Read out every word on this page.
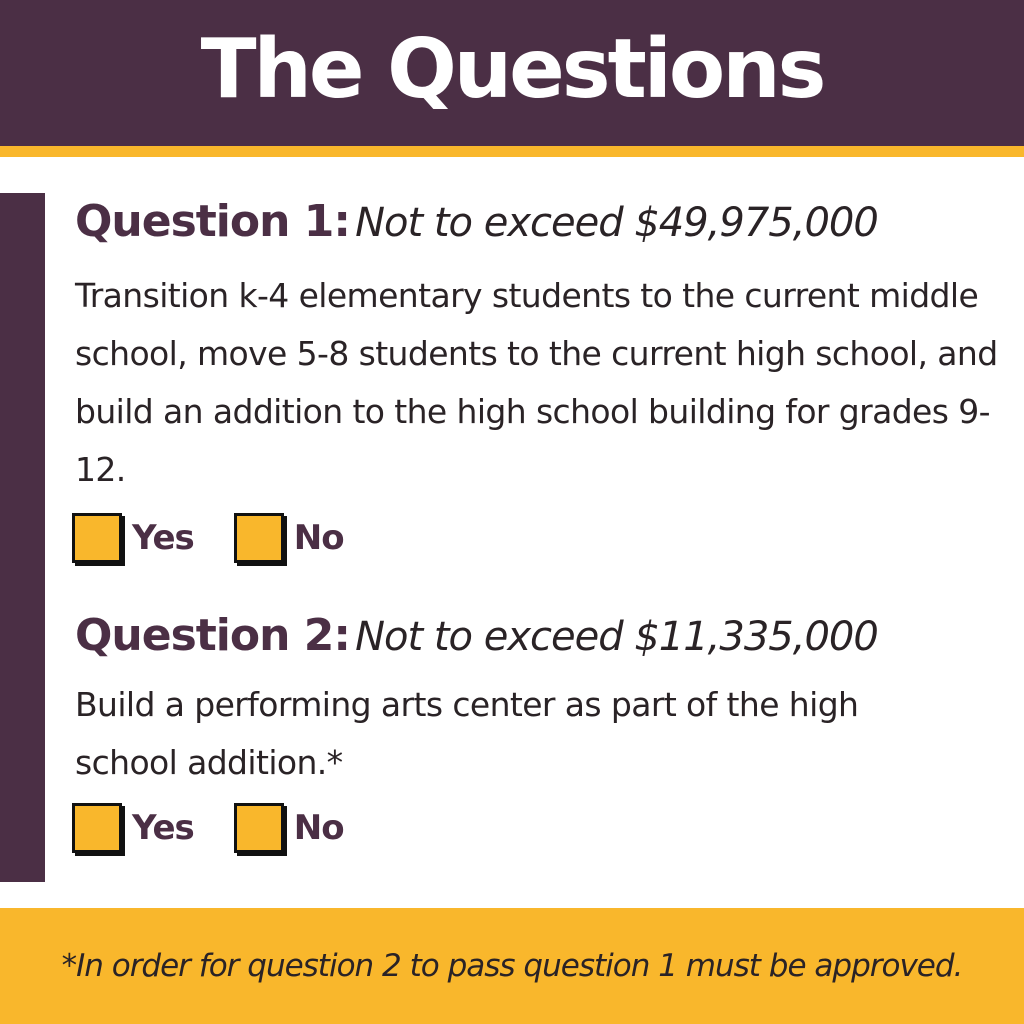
The Questions

Question 1: Not to exceed $49,975,000

Transition k-4 elementary students to the current middle school, move 5-8 students to the current high school, and build an addition to the high school building for grades 9-12.

Yes	No

Question 2: Not to exceed $11,335,000

Build a performing arts center as part of the high school addition.*

Yes	No

*In order for question 2 to pass question 1 must be approved.
